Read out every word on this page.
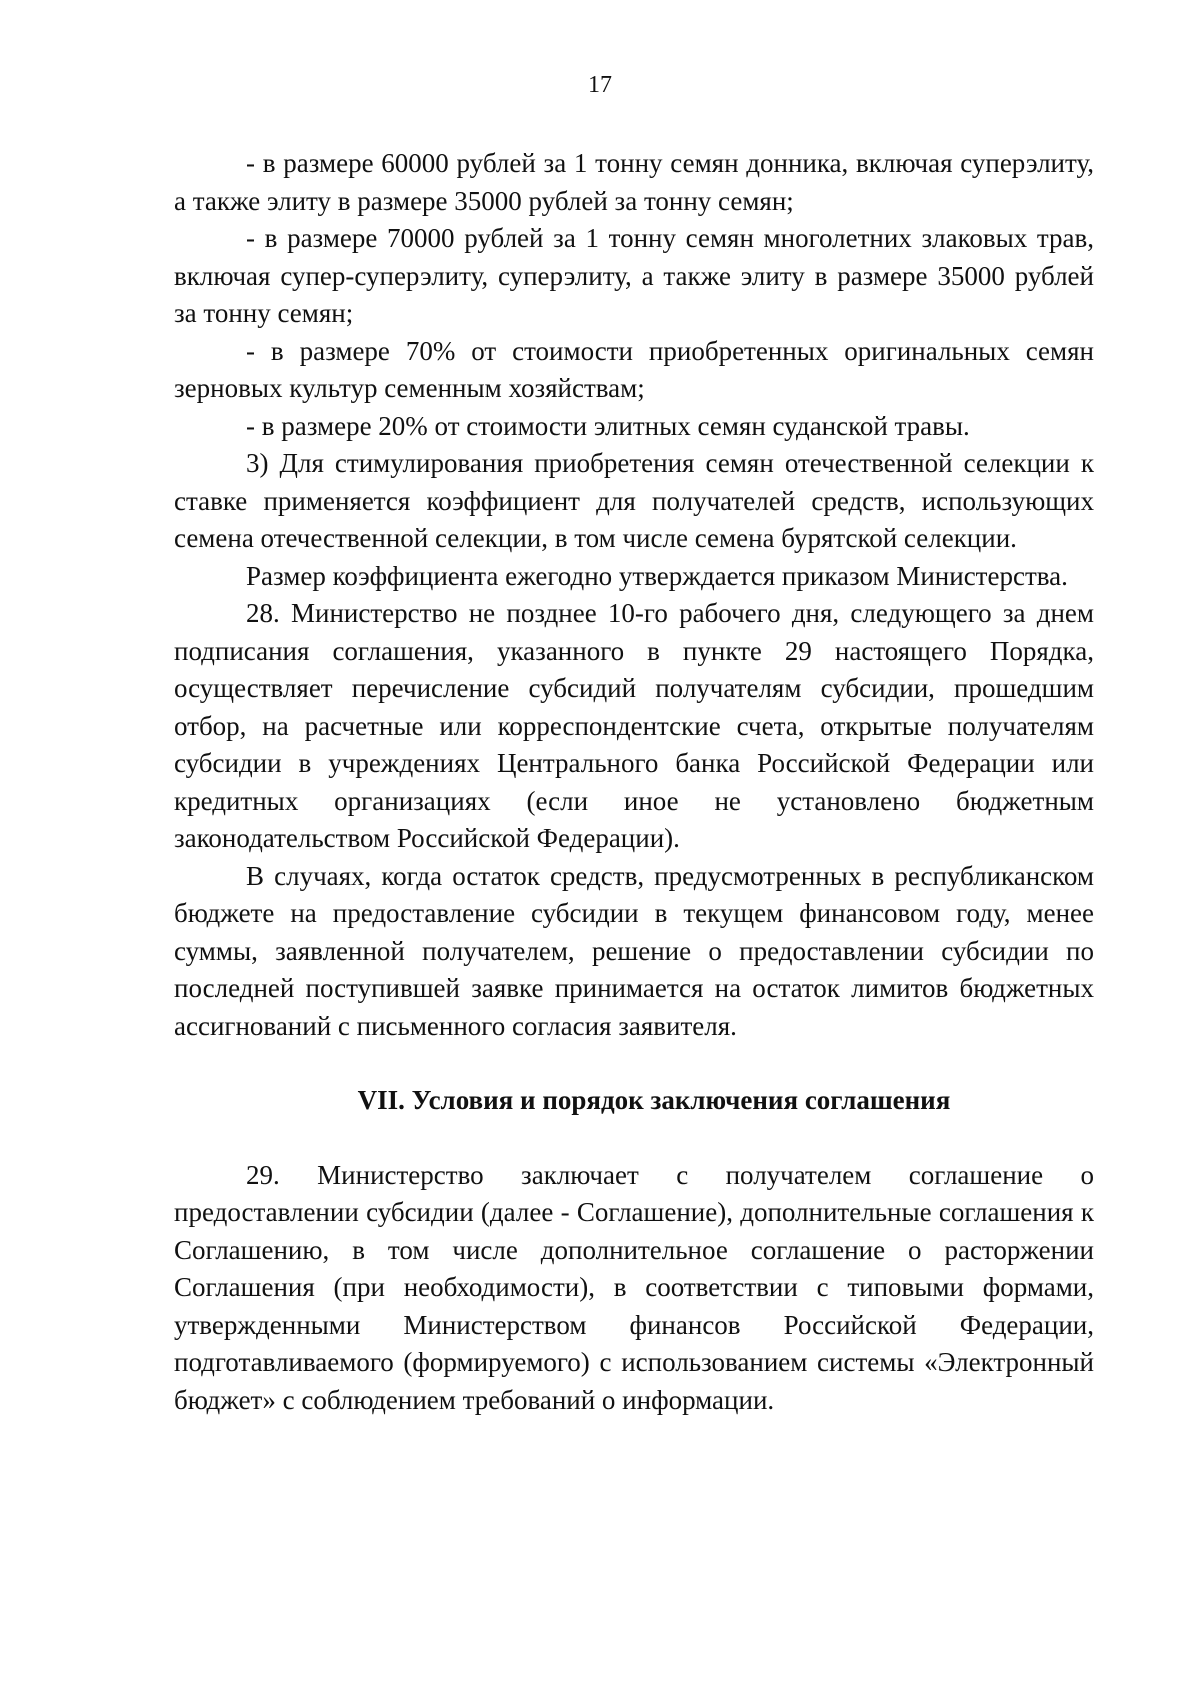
17

- в размере 60000 рублей за 1 тонну семян донника, включая суперэлиту, а также элиту в размере 35000 рублей за тонну семян;

- в размере 70000 рублей за 1 тонну семян многолетних злаковых трав, включая супер-суперэлиту, суперэлиту, а также элиту в размере 35000 рублей за тонну семян;

- в размере 70% от стоимости приобретенных оригинальных семян зерновых культур семенным хозяйствам;

- в размере 20% от стоимости элитных семян суданской травы.

3) Для стимулирования приобретения семян отечественной селекции к ставке применяется коэффициент для получателей средств, использующих семена отечественной селекции, в том числе семена бурятской селекции.

Размер коэффициента ежегодно утверждается приказом Министерства.

28. Министерство не позднее 10-го рабочего дня, следующего за днем подписания соглашения, указанного в пункте 29 настоящего Порядка, осуществляет перечисление субсидий получателям субсидии, прошедшим отбор, на расчетные или корреспондентские счета, открытые получателям субсидии в учреждениях Центрального банка Российской Федерации или кредитных организациях (если иное не установлено бюджетным законодательством Российской Федерации).

В случаях, когда остаток средств, предусмотренных в республиканском бюджете на предоставление субсидии в текущем финансовом году, менее суммы, заявленной получателем, решение о предоставлении субсидии по последней поступившей заявке принимается на остаток лимитов бюджетных ассигнований с письменного согласия заявителя.

VII. Условия и порядок заключения соглашения

29. Министерство заключает с получателем соглашение о предоставлении субсидии (далее - Соглашение), дополнительные соглашения к Соглашению, в том числе дополнительное соглашение о расторжении Соглашения (при необходимости), в соответствии с типовыми формами, утвержденными Министерством финансов Российской Федерации, подготавливаемого (формируемого) с использованием системы «Электронный бюджет» с соблюдением требований о информации.
